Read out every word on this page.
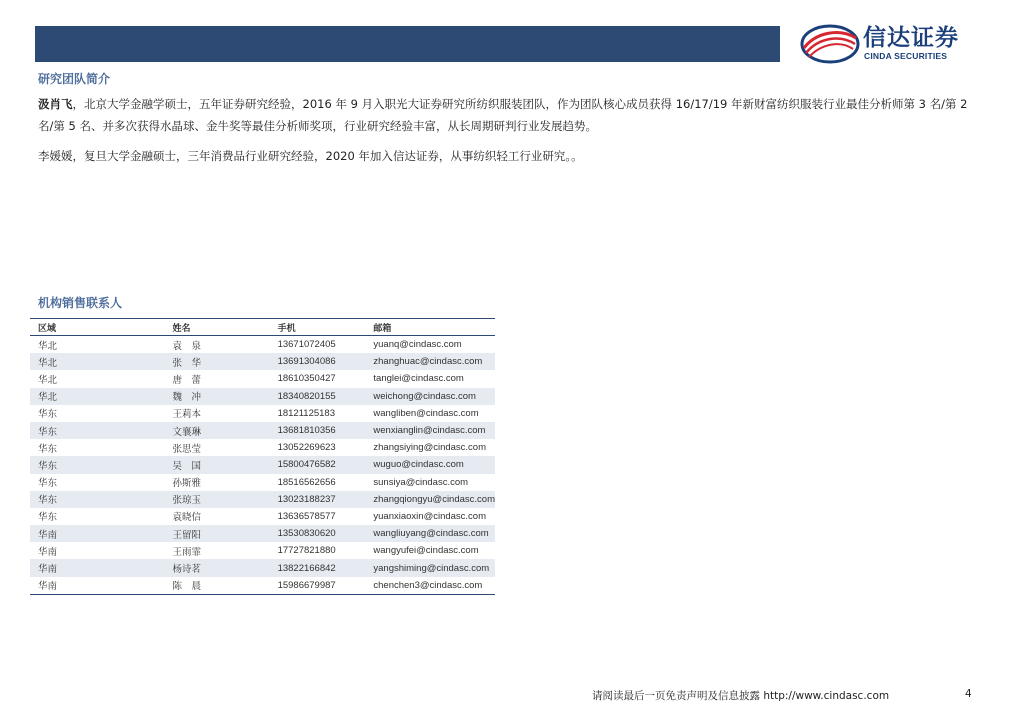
信达证券
CINDA SECURITIES
研究团队简介
汲肖飞，北京大学金融学硕士，五年证券研究经验，2016 年 9 月入职光大证券研究所纺织服装团队，作为团队核心成员获得 16/17/19 年新财富纺织服装行业最佳分析师第 3 名/第 2 名/第 5 名、并多次获得水晶球、金牛奖等最佳分析师奖项，行业研究经验丰富，从长周期研判行业发展趋势。
李媛媛，复旦大学金融硕士，三年消费品行业研究经验，2020 年加入信达证券，从事纺织轻工行业研究。。
机构销售联系人
区域	姓名	手机	邮箱
华北	袁　泉	13671072405	yuanq@cindasc.com
华北	张　华	13691304086	zhanghuac@cindasc.com
华北	唐　蕾	18610350427	tanglei@cindasc.com
华北	魏　冲	18340820155	weichong@cindasc.com
华东	王莉本	18121125183	wangliben@cindasc.com
华东	文襄琳	13681810356	wenxianglin@cindasc.com
华东	张思莹	13052269623	zhangsiying@cindasc.com
华东	吴　国	15800476582	wuguo@cindasc.com
华东	孙斯雅	18516562656	sunsiya@cindasc.com
华东	张琼玉	13023188237	zhangqiongyu@cindasc.com
华东	袁晓信	13636578577	yuanxiaoxin@cindasc.com
华南	王留阳	13530830620	wangliuyang@cindasc.com
华南	王雨霏	17727821880	wangyufei@cindasc.com
华南	杨诗茗	13822166842	yangshiming@cindasc.com
华南	陈　晨	15986679987	chenchen3@cindasc.com
请阅读最后一页免责声明及信息披露 http://www.cindasc.com	4
